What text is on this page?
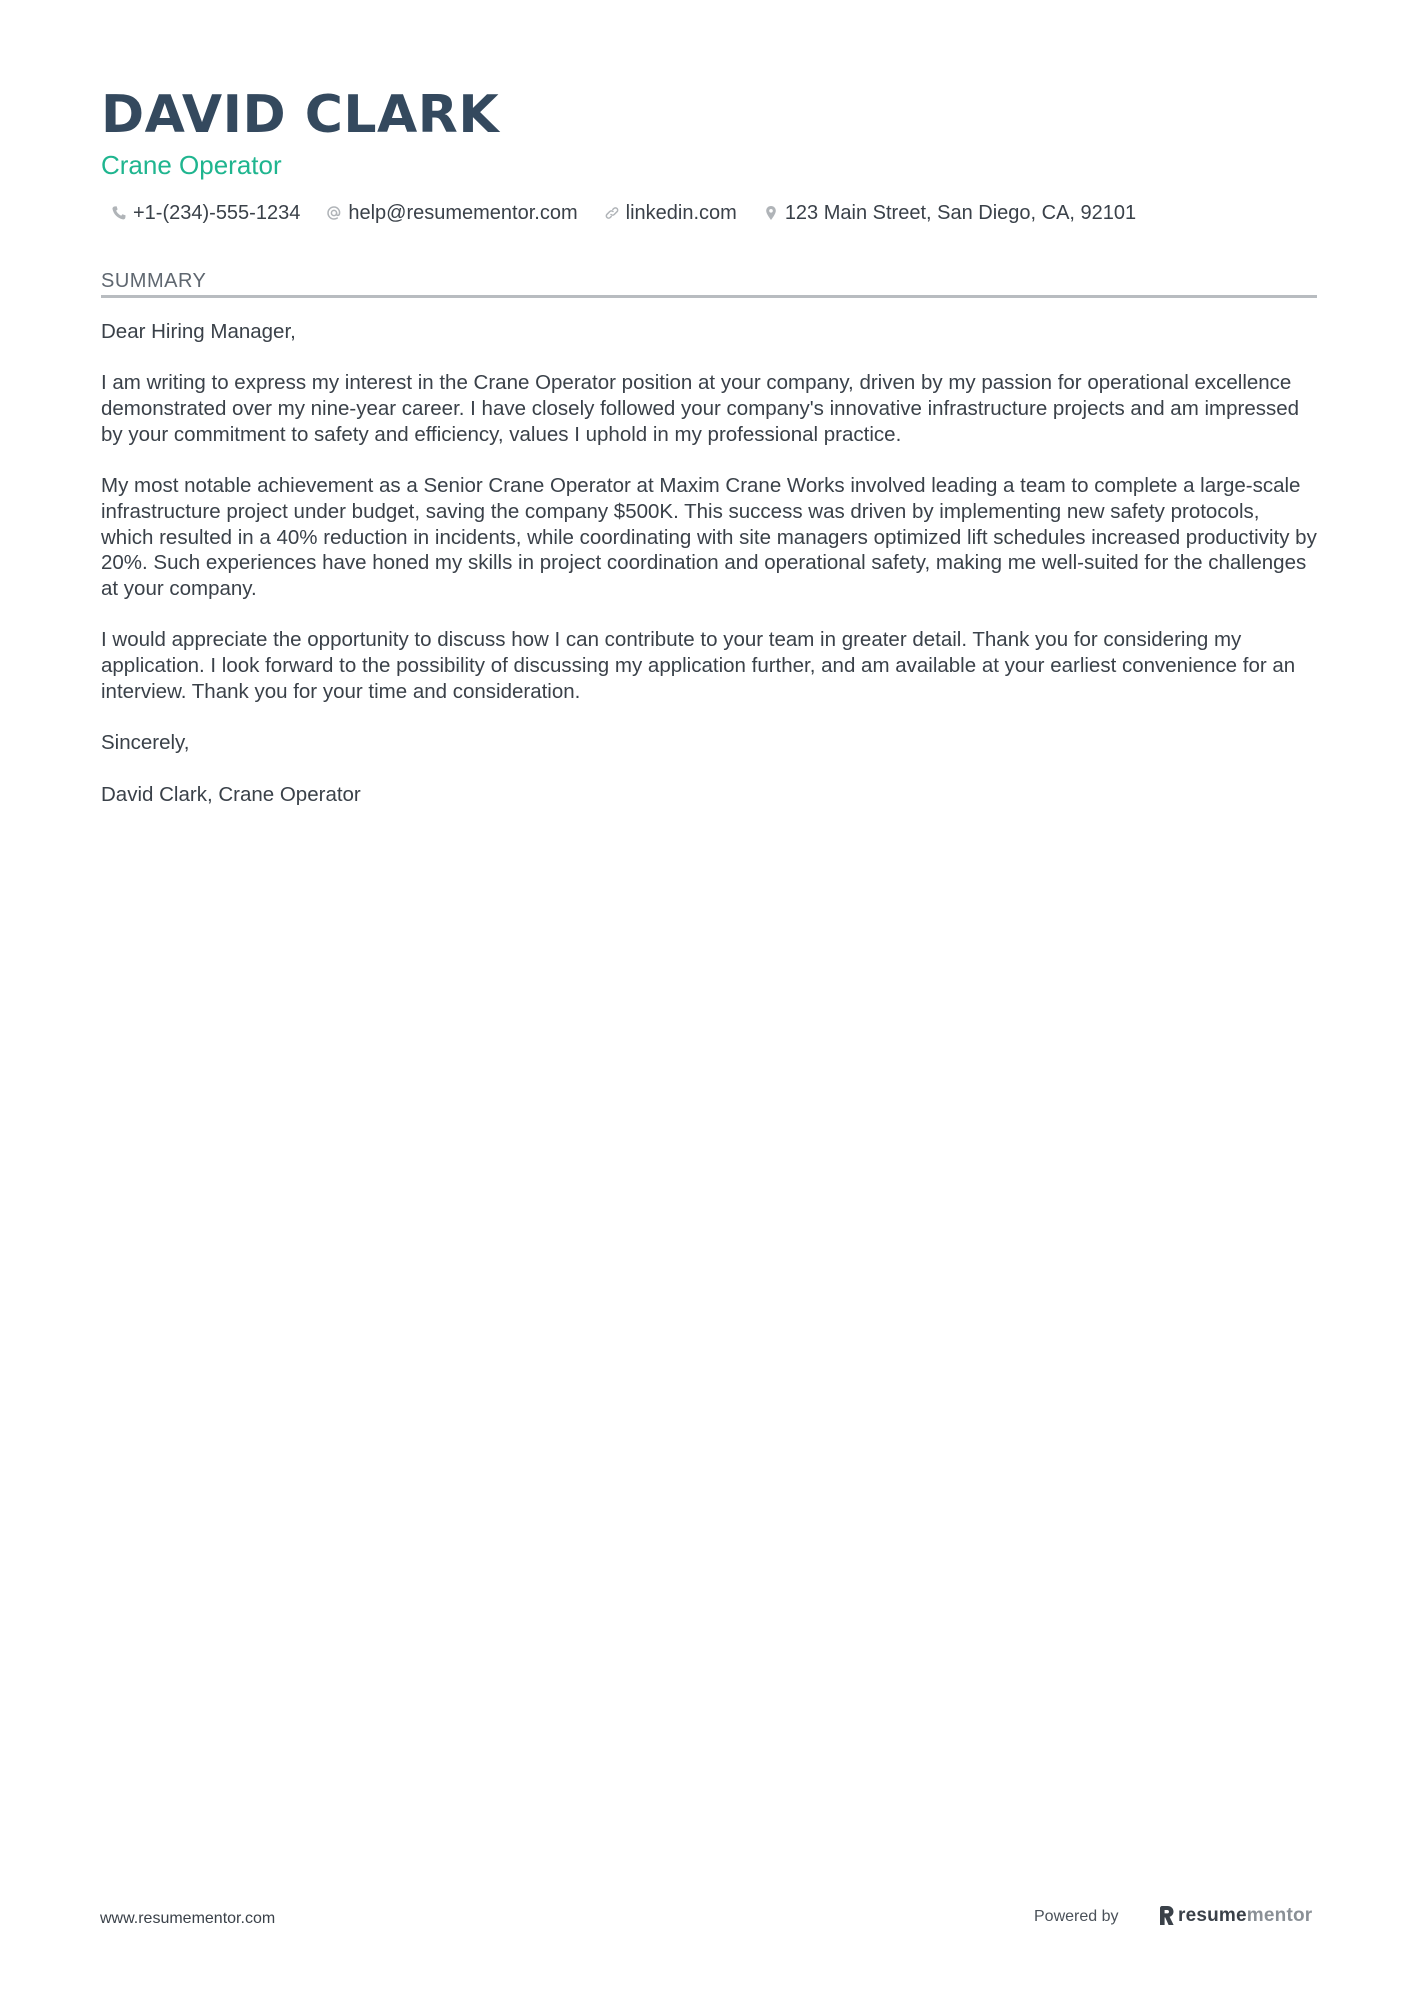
DAVID CLARK
Crane Operator
+1-(234)-555-1234 help@resumementor.com linkedin.com 123 Main Street, San Diego, CA, 92101
SUMMARY

Dear Hiring Manager,

I am writing to express my interest in the Crane Operator position at your company, driven by my passion for operational excellence demonstrated over my nine-year career. I have closely followed your company's innovative infrastructure projects and am impressed by your commitment to safety and efficiency, values I uphold in my professional practice.

My most notable achievement as a Senior Crane Operator at Maxim Crane Works involved leading a team to complete a large-scale infrastructure project under budget, saving the company $500K. This success was driven by implementing new safety protocols, which resulted in a 40% reduction in incidents, while coordinating with site managers optimized lift schedules increased productivity by 20%. Such experiences have honed my skills in project coordination and operational safety, making me well-suited for the challenges at your company.

I would appreciate the opportunity to discuss how I can contribute to your team in greater detail. Thank you for considering my application. I look forward to the possibility of discussing my application further, and am available at your earliest convenience for an interview. Thank you for your time and consideration.

Sincerely,

David Clark, Crane Operator

www.resumementor.com	Powered by	resumementor
